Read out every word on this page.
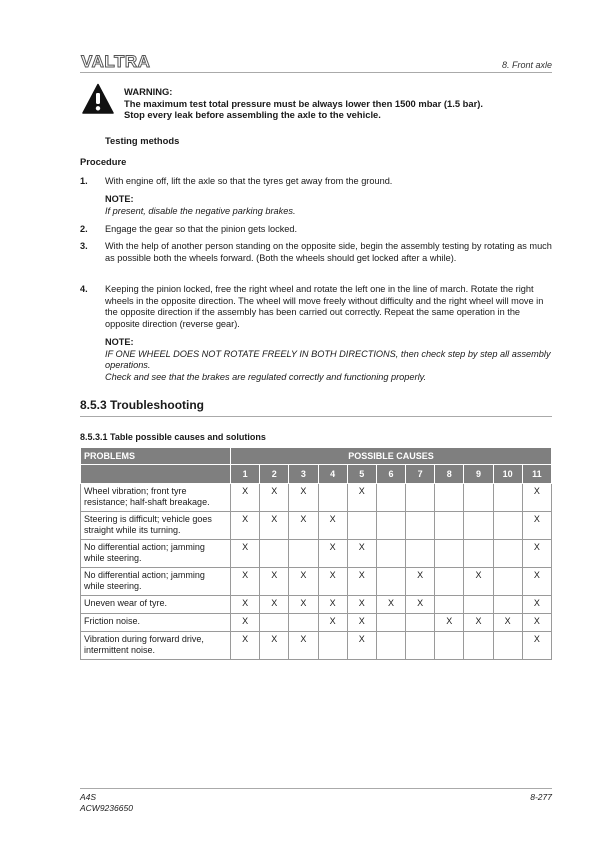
VALTRA	8. Front axle
WARNING:
The maximum test total pressure must be always lower then 1500 mbar (1.5 bar).
Stop every leak before assembling the axle to the vehicle.
Testing methods
Procedure
1. With engine off, lift the axle so that the tyres get away from the ground.
NOTE:
If present, disable the negative parking brakes.
2. Engage the gear so that the pinion gets locked.
3. With the help of another person standing on the opposite side, begin the assembly testing by rotating as much as possible both the wheels forward. (Both the wheels should get locked after a while).
4. Keeping the pinion locked, free the right wheel and rotate the left one in the line of march. Rotate the right wheels in the opposite direction. The wheel will move freely without difficulty and the right wheel will move in the opposite direction if the assembly has been carried out correctly. Repeat the same operation in the opposite direction (reverse gear).
NOTE:
IF ONE WHEEL DOES NOT ROTATE FREELY IN BOTH DIRECTIONS, then check step by step all assembly operations.
Check and see that the brakes are regulated correctly and functioning properly.
8.5.3 Troubleshooting
8.5.3.1 Table possible causes and solutions
PROBLEMS	POSSIBLE CAUSES										
	1	2	3	4	5	6	7	8	9	10	11
Wheel vibration; front tyre resistance; half-shaft breakage.	X	X	X		X						X
Steering is difficult; vehicle goes straight while its turning.	X	X	X	X							X
No differential action; jamming while steering.	X			X	X						X
No differential action; jamming while steering.	X	X	X	X	X		X		X		X
Uneven wear of tyre.	X	X	X	X	X	X	X				X
Friction noise.	X			X	X			X	X	X	X
Vibration during forward drive, intermittent noise.	X	X	X		X						X
A4S
ACW9236650
8-277
